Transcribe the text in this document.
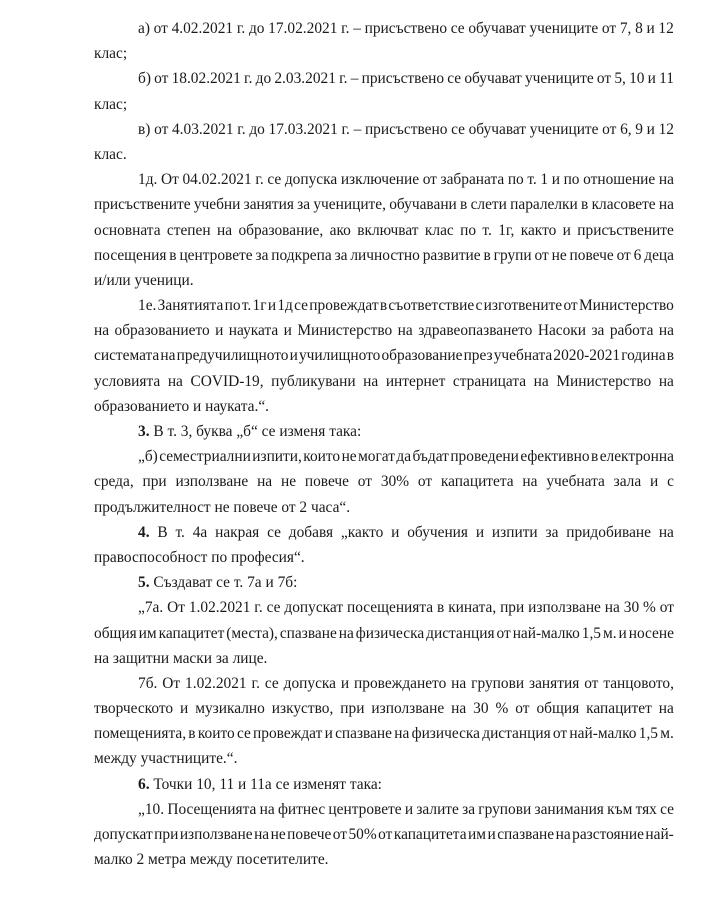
а) от 4.02.2021 г. до 17.02.2021 г. – присъствено се обучават учениците от 7, 8 и 12
клас;
б) от 18.02.2021 г. до 2.03.2021 г. – присъствено се обучават учениците от 5, 10 и 11
клас;
в) от 4.03.2021 г. до 17.03.2021 г. – присъствено се обучават учениците от 6, 9 и 12
клас.
1д. От 04.02.2021 г. се допуска изключение от забраната по т. 1 и по отношение на
присъствените учебни занятия за учениците, обучавани в слети паралелки в класовете на
основната степен на образование, ако включват клас по т. 1г, както и присъствените
посещения в центровете за подкрепа за личностно развитие в групи от не повече от 6 деца
и/или ученици.
1е. Занятията по т. 1г и 1д се провеждат в съответствие с изготвените от Министерство
на образованието и науката и Министерство на здравеопазването Насоки за работа на
системата на предучилищното и училищното образование през учебната 2020-2021 година в
условията на COVID-19, публикувани на интернет страницата на Министерство на
образованието и науката.“.
3. В т. 3, буква „б“ се изменя така:
„б) семестриални изпити, които не могат да бъдат проведени ефективно в електронна
среда, при използване на не повече от 30% от капацитета на учебната зала и с
продължителност не повече от 2 часа“.
4. В т. 4а накрая се добавя „както и обучения и изпити за придобиване на
правоспособност по професия“.
5. Създават се т. 7а и 7б:
„7а. От 1.02.2021 г. се допускат посещенията в кината, при използване на 30 % от
общия им капацитет (места), спазване на физическа дистанция от най-малко 1,5 м. и носене
на защитни маски за лице.
7б. От 1.02.2021 г. се допуска и провеждането на групови занятия от танцовото,
творческото и музикално изкуство, при използване на 30 % от общия капацитет на
помещенията, в които се провеждат и спазване на физическа дистанция от най-малко 1,5 м.
между участниците.“.
6. Точки 10, 11 и 11а се изменят така:
„10. Посещенията на фитнес центровете и залите за групови занимания към тях се
допускат при използване на не повече от 50% от капацитета им и спазване на разстояние най-
малко 2 метра между посетителите.
